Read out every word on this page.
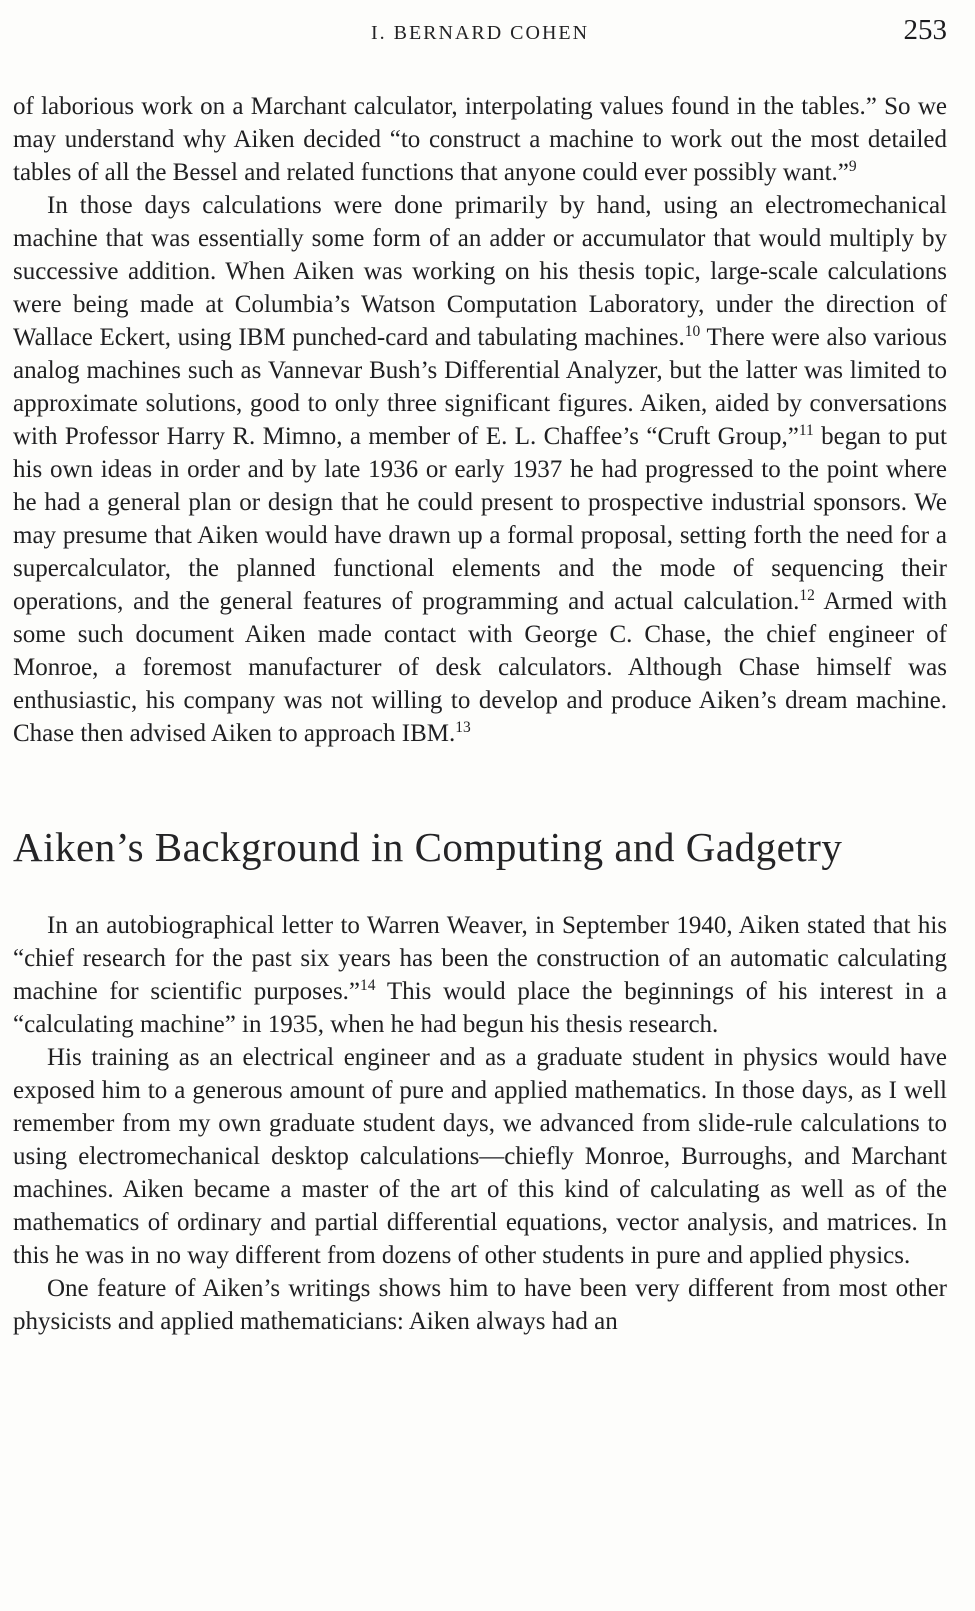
I. BERNARD COHEN	253

of laborious work on a Marchant calculator, interpolating values found in the tables.” So we may understand why Aiken decided “to construct a machine to work out the most detailed tables of all the Bessel and related functions that anyone could ever possibly want.”$^9$

In those days calculations were done primarily by hand, using an electromechanical machine that was essentially some form of an adder or accumulator that would multiply by successive addition. When Aiken was working on his thesis topic, large-scale calculations were being made at Columbia’s Watson Computation Laboratory, under the direction of Wallace Eckert, using IBM punched-card and tabulating machines.$^{10}$ There were also various analog machines such as Vannevar Bush’s Differential Analyzer, but the latter was limited to approximate solutions, good to only three significant figures. Aiken, aided by conversations with Professor Harry R. Mimno, a member of E. L. Chaffee’s “Cruft Group,”$^{11}$ began to put his own ideas in order and by late 1936 or early 1937 he had progressed to the point where he had a general plan or design that he could present to prospective industrial sponsors. We may presume that Aiken would have drawn up a formal proposal, setting forth the need for a supercalculator, the planned functional elements and the mode of sequencing their operations, and the general features of programming and actual calculation.$^{12}$ Armed with some such document Aiken made contact with George C. Chase, the chief engineer of Monroe, a foremost manufacturer of desk calculators. Although Chase himself was enthusiastic, his company was not willing to develop and produce Aiken’s dream machine. Chase then advised Aiken to approach IBM.$^{13}$

Aiken’s Background in Computing and Gadgetry

In an autobiographical letter to Warren Weaver, in September 1940, Aiken stated that his “chief research for the past six years has been the construction of an automatic calculating machine for scientific purposes.”$^{14}$ This would place the beginnings of his interest in a “calculating machine” in 1935, when he had begun his thesis research.

His training as an electrical engineer and as a graduate student in physics would have exposed him to a generous amount of pure and applied mathematics. In those days, as I well remember from my own graduate student days, we advanced from slide-rule calculations to using electromechanical desktop calculations—chiefly Monroe, Burroughs, and Marchant machines. Aiken became a master of the art of this kind of calculating as well as of the mathematics of ordinary and partial differential equations, vector analysis, and matrices. In this he was in no way different from dozens of other students in pure and applied physics.

One feature of Aiken’s writings shows him to have been very different from most other physicists and applied mathematicians: Aiken always had an
